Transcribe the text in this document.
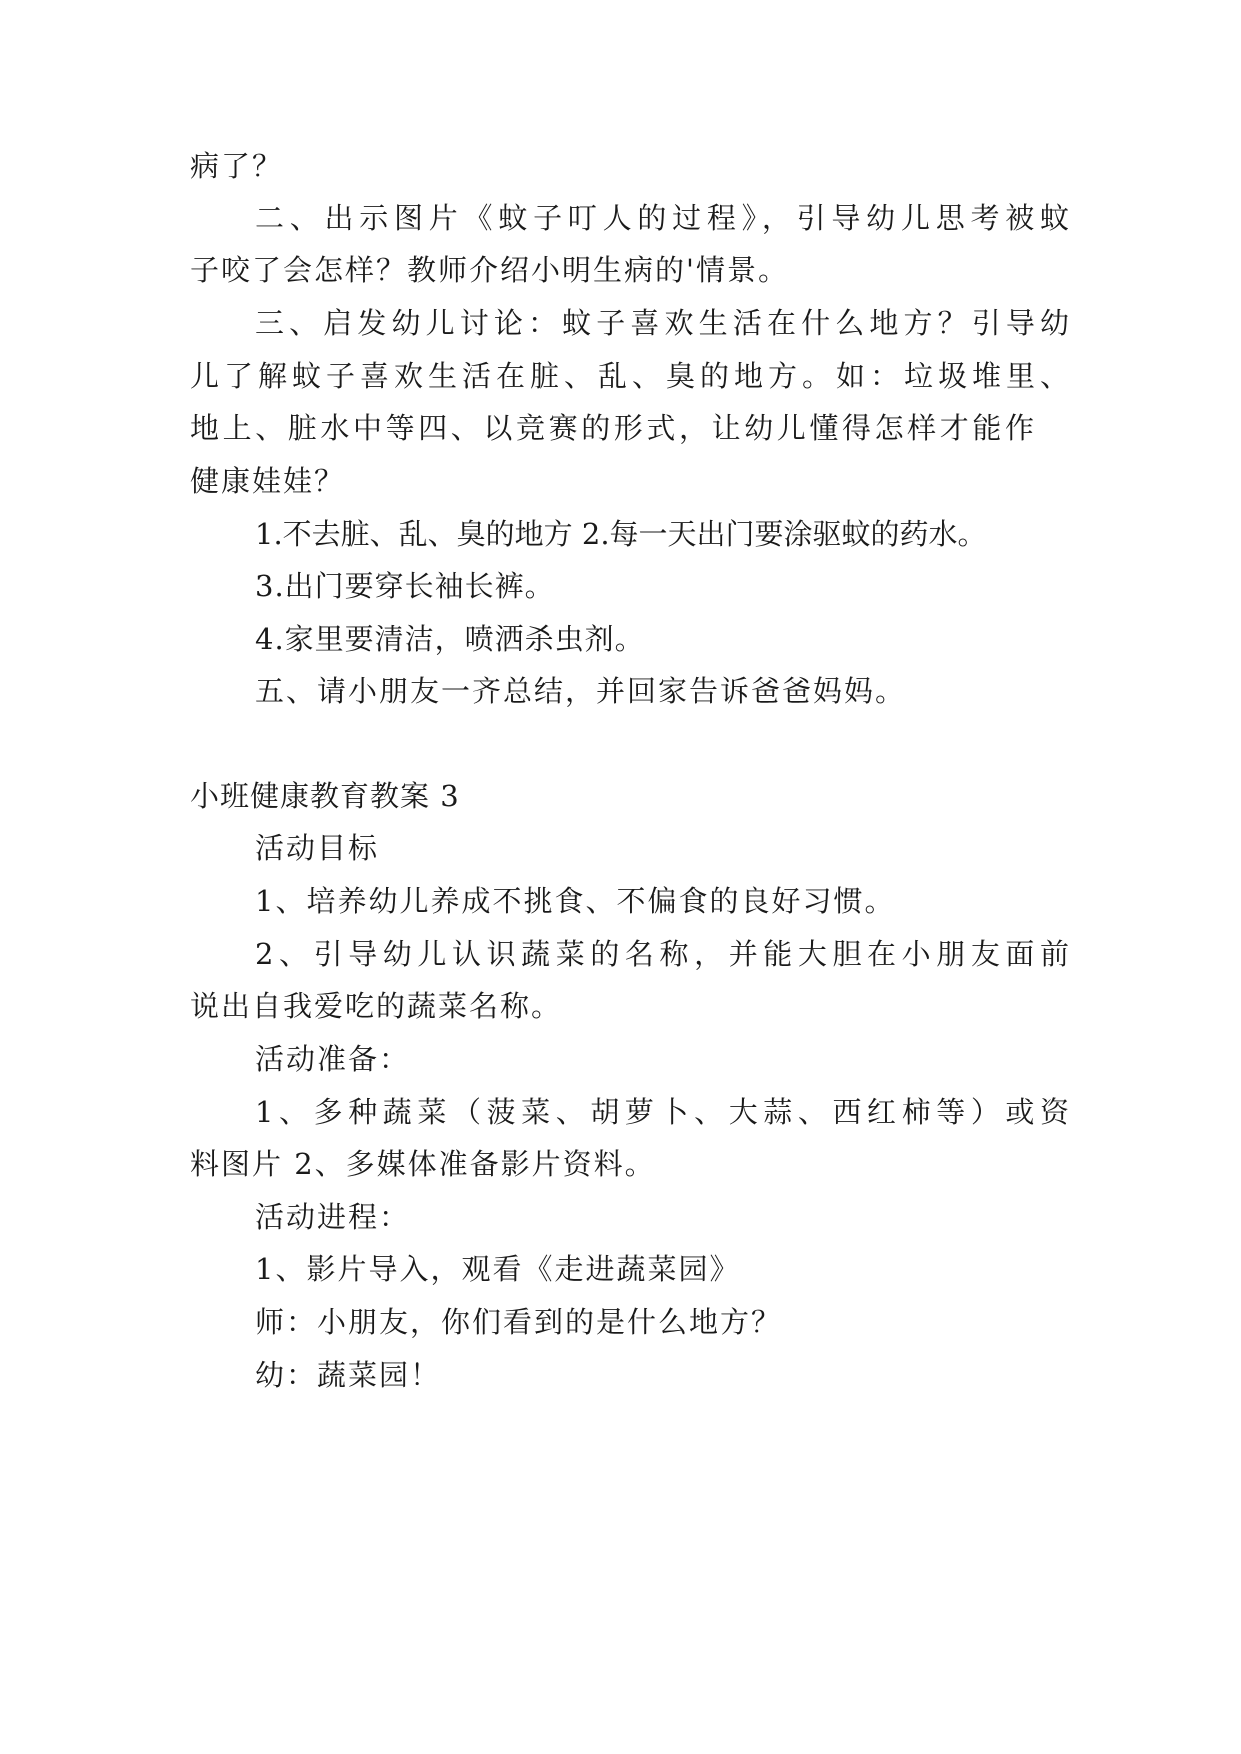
病了？
二、出示图片《蚊子叮人的过程》，引导幼儿思考被蚊
子咬了会怎样？教师介绍小明生病的'情景。
三、启发幼儿讨论：蚊子喜欢生活在什么地方？引导幼
儿了解蚊子喜欢生活在脏、乱、臭的地方。如：垃圾堆里、
地上、脏水中等四、以竞赛的形式，让幼儿懂得怎样才能作
健康娃娃？
1.不去脏、乱、臭的地方 2.每一天出门要涂驱蚊的药水。
3.出门要穿长袖长裤。
4.家里要清洁，喷洒杀虫剂。
五、请小朋友一齐总结，并回家告诉爸爸妈妈。
小班健康教育教案 3
活动目标
1、培养幼儿养成不挑食、不偏食的良好习惯。
2、引导幼儿认识蔬菜的名称，并能大胆在小朋友面前
说出自我爱吃的蔬菜名称。
活动准备：
1、多种蔬菜（菠菜、胡萝卜、大蒜、西红柿等）或资
料图片 2、多媒体准备影片资料。
活动进程：
1、影片导入，观看《走进蔬菜园》
师：小朋友，你们看到的是什么地方？
幼：蔬菜园！
